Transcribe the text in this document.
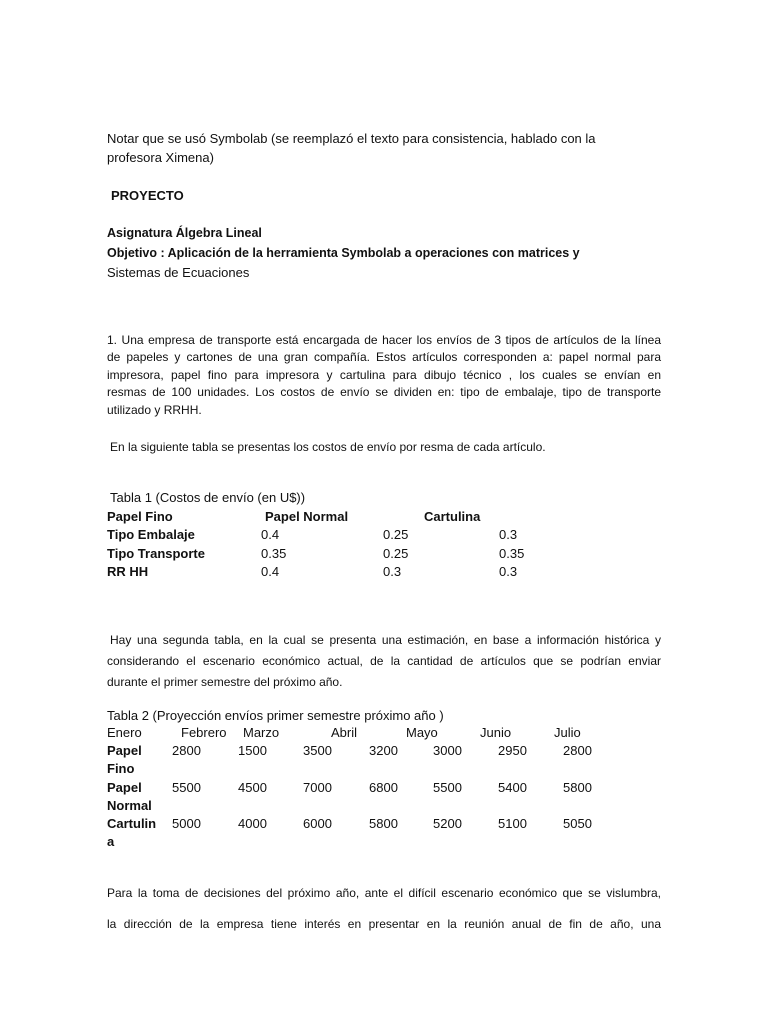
Notar que se usó Symbolab (se reemplazó el texto para consistencia, hablado con la
profesora Ximena)
PROYECTO
Asignatura Álgebra Lineal
Objetivo : Aplicación de la herramienta Symbolab a operaciones con matrices y
Sistemas de Ecuaciones
1. Una empresa de transporte está encargada de hacer los envíos de 3 tipos de artículos de la línea
de papeles y cartones de una gran compañía. Estos artículos corresponden a: papel normal para
impresora, papel fino para impresora y cartulina para dibujo técnico , los cuales se envían en
resmas de 100 unidades. Los costos de envío se dividen en: tipo de embalaje, tipo de transporte
utilizado y RRHH.
En la siguiente tabla se presentas los costos de envío por resma de cada artículo.
Tabla 1 (Costos de envío (en U$))
Papel Fino	Papel Normal	Cartulina
Tipo Embalaje	0.4	0.25	0.3
Tipo Transporte	0.35	0.25	0.35
RR HH	0.4	0.3	0.3
Hay una segunda tabla, en la cual se presenta una estimación, en base a información histórica y
considerando el escenario económico actual, de la cantidad de artículos que se podrían enviar
durante el primer semestre del próximo año.
Tabla 2 (Proyección envíos primer semestre próximo año )
Enero	Febrero Marzo	Abril	Mayo	Junio	Julio
Papel
Fino
2800	1500	3500	3200	3000	2950	2800
Papel
Normal
5500	4500	7000	6800	5500	5400	5800
Cartulin
a
5000	4000	6000	5800	5200	5100	5050
Para la toma de decisiones del próximo año, ante el difícil escenario económico que se vislumbra,
la dirección de la empresa tiene interés en presentar en la reunión anual de fin de año, una
